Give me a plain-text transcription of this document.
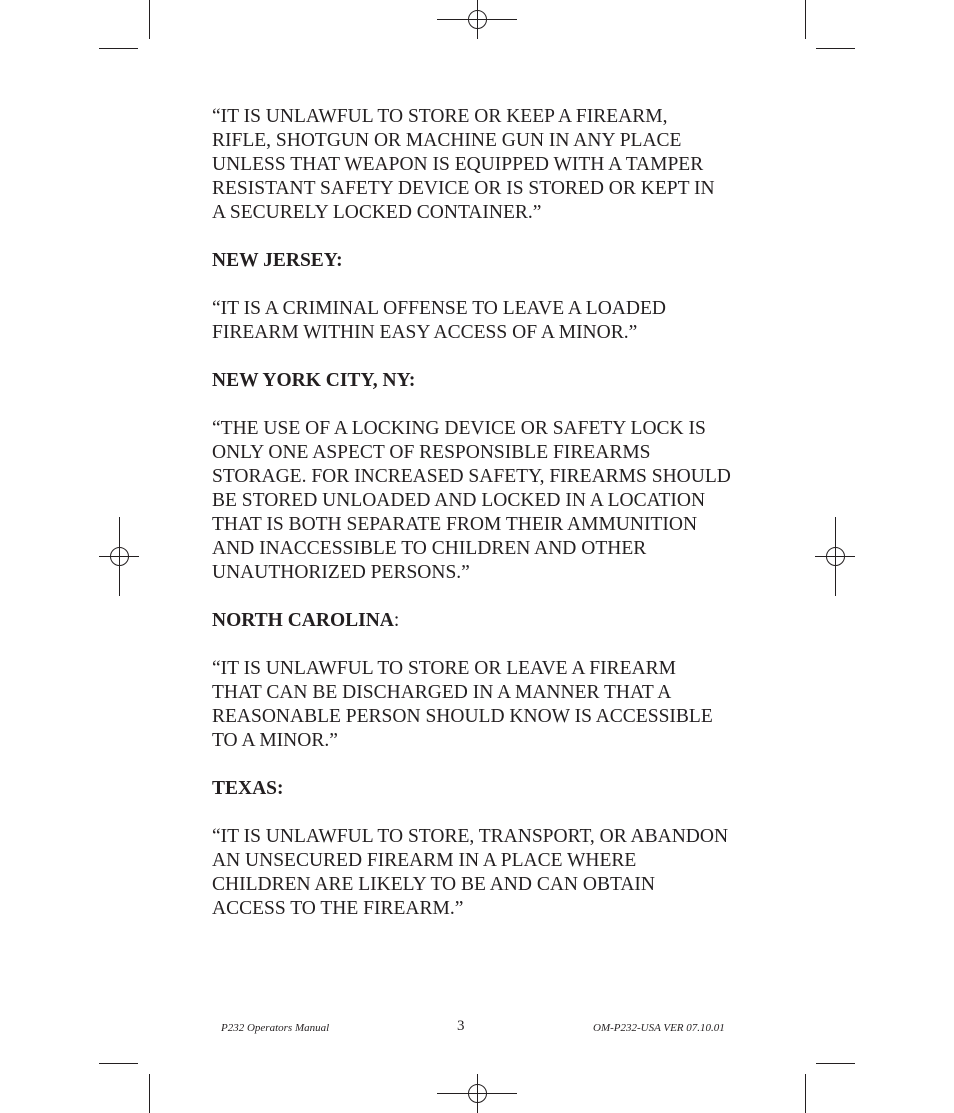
“IT IS UNLAWFUL TO STORE OR KEEP A FIREARM,
RIFLE, SHOTGUN OR MACHINE GUN IN ANY PLACE
UNLESS THAT WEAPON IS EQUIPPED WITH A TAMPER
RESISTANT SAFETY DEVICE OR IS STORED OR KEPT IN
A SECURELY LOCKED CONTAINER.”

NEW JERSEY:

“IT IS A CRIMINAL OFFENSE TO LEAVE A LOADED
FIREARM WITHIN EASY ACCESS OF A MINOR.”

NEW YORK CITY, NY:

“THE USE OF A LOCKING DEVICE OR SAFETY LOCK IS
ONLY ONE ASPECT OF RESPONSIBLE FIREARMS
STORAGE. FOR INCREASED SAFETY, FIREARMS SHOULD
BE STORED UNLOADED AND LOCKED IN A LOCATION
THAT IS BOTH SEPARATE FROM THEIR AMMUNITION
AND INACCESSIBLE TO CHILDREN AND OTHER
UNAUTHORIZED PERSONS.”

NORTH CAROLINA:

“IT IS UNLAWFUL TO STORE OR LEAVE A FIREARM
THAT CAN BE DISCHARGED IN A MANNER THAT A
REASONABLE PERSON SHOULD KNOW IS ACCESSIBLE
TO A MINOR.”

TEXAS:

“IT IS UNLAWFUL TO STORE, TRANSPORT, OR ABANDON
AN UNSECURED FIREARM IN A PLACE WHERE
CHILDREN ARE LIKELY TO BE AND CAN OBTAIN
ACCESS TO THE FIREARM.”

P232 Operators Manual	3	OM-P232-USA VER 07.10.01
